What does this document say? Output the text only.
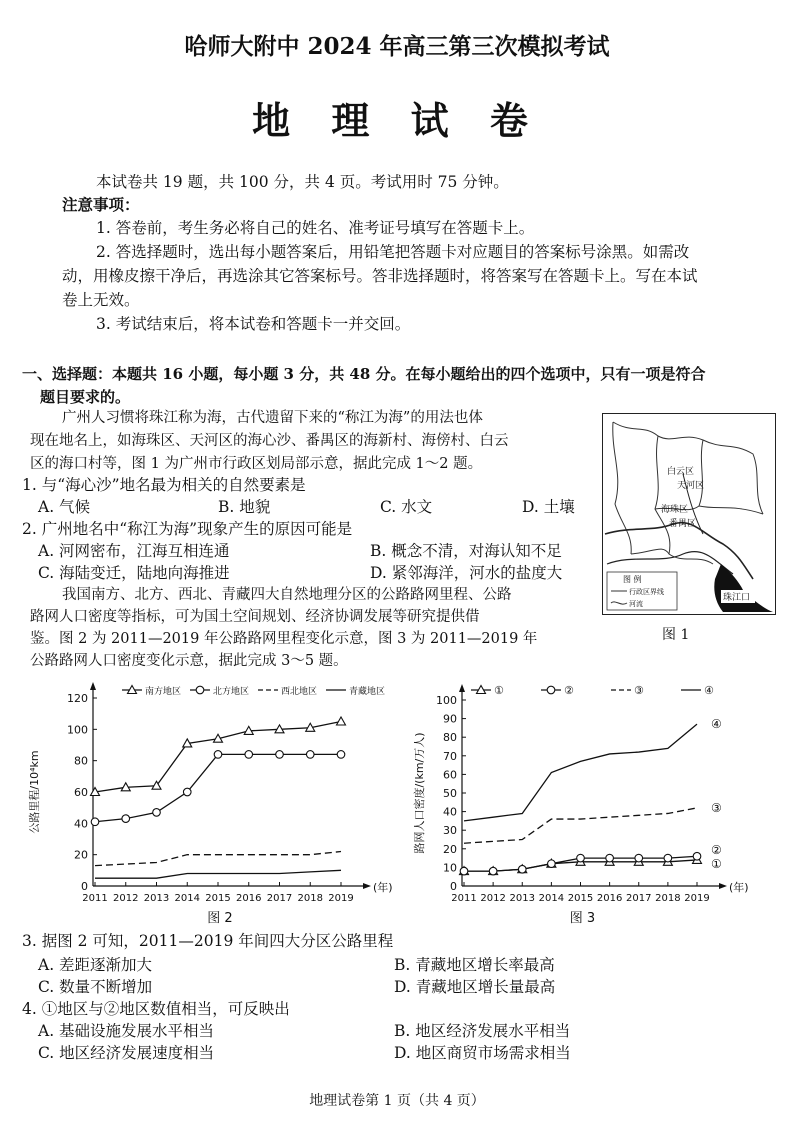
哈师大附中 2024 年高三第三次模拟考试
地 理 试 卷
本试卷共 19 题，共 100 分，共 4 页。考试用时 75 分钟。
注意事项：
1. 答卷前，考生务必将自己的姓名、准考证号填写在答题卡上。
2. 答选择题时，选出每小题答案后，用铅笔把答题卡对应题目的答案标号涂黑。如需改
动，用橡皮擦干净后，再选涂其它答案标号。答非选择题时，将答案写在答题卡上。写在本试
卷上无效。
3. 考试结束后，将本试卷和答题卡一并交回。
一、选择题：本题共 16 小题，每小题 3 分，共 48 分。在每小题给出的四个选项中，只有一项是符合
题目要求的。
广州人习惯将珠江称为海，古代遗留下来的“称江为海”的用法也体
现在地名上，如海珠区、天河区的海心沙、番禺区的海新村、海傍村、白云
区的海口村等，图 1 为广州市行政区划局部示意，据此完成 1～2 题。
1. 与“海心沙”地名最为相关的自然要素是
A. 气候	B. 地貌	C. 水文	D. 土壤
2. 广州地名中“称江为海”现象产生的原因可能是
A. 河网密布，江海互相连通	B. 概念不清，对海认知不足
C. 海陆变迁，陆地向海推进	D. 紧邻海洋，河水的盐度大
我国南方、北方、西北、青藏四大自然地理分区的公路路网里程、公路
路网人口密度等指标，可为国土空间规划、经济协调发展等研究提供借
鉴。图 2 为 2011—2019 年公路路网里程变化示意，图 3 为 2011—2019 年
公路路网人口密度变化示意，据此完成 3～5 题。
白云区
天河区
海珠区
番禺区
珠江口
图 例
行政区界线
河流
图 1
0
20
40
60
80
100
120
2011 2012 2013 2014 2015 2016 2017 2018 2019
(年)
公路里程/10⁴km
南方地区	北方地区	西北地区	青藏地区
图 2
0
10
20
30
40
50
60
70
80
90
100
2011 2012 2013 2014 2015 2016 2017 2018 2019
(年)
路网人口密度/(km/万人)
①
②
③
④
①	②	③	④
图 3
3. 据图 2 可知，2011—2019 年间四大分区公路里程
A. 差距逐渐加大	B. 青藏地区增长率最高
C. 数量不断增加	D. 青藏地区增长量最高
4. ①地区与②地区数值相当，可反映出
A. 基础设施发展水平相当	B. 地区经济发展水平相当
C. 地区经济发展速度相当	D. 地区商贸市场需求相当
地理试卷第 1 页（共 4 页）
